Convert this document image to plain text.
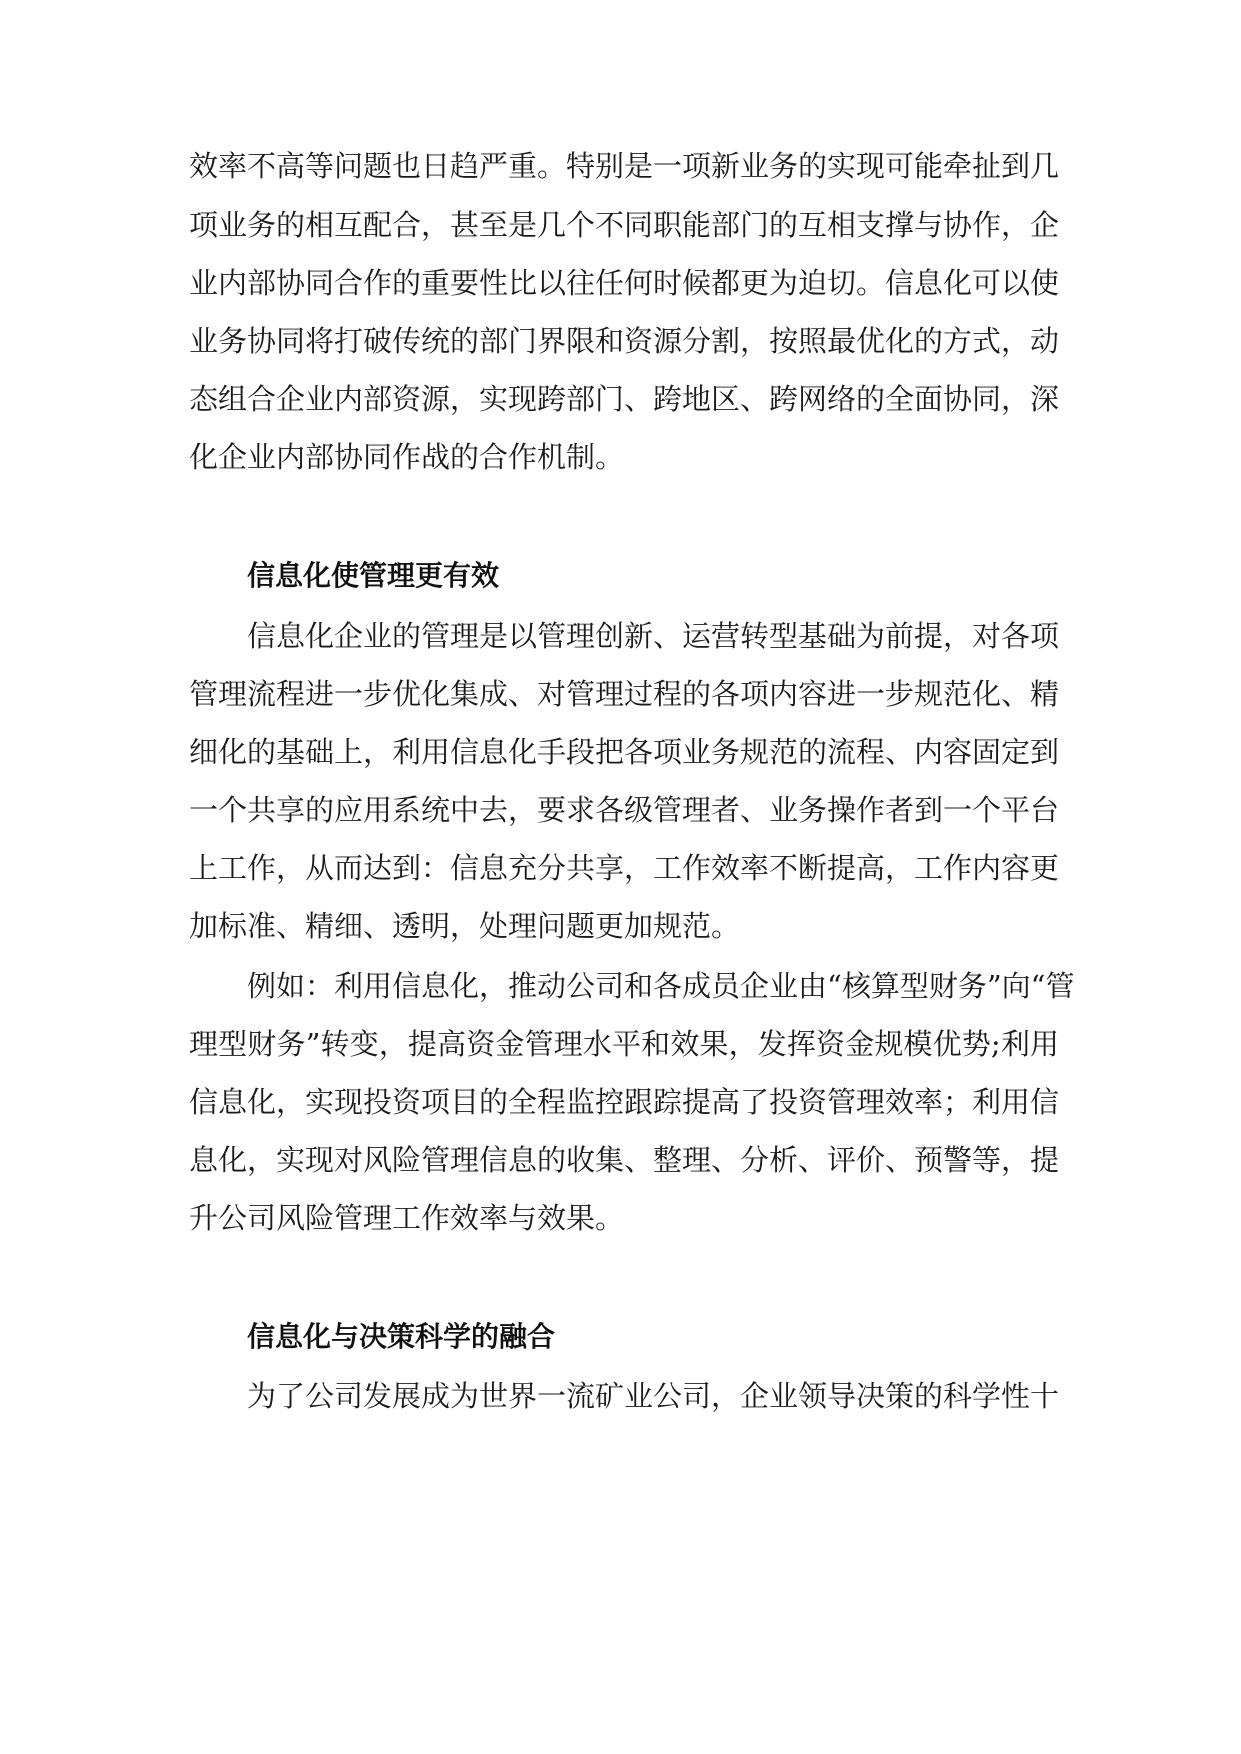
效率不高等问题也日趋严重。特别是一项新业务的实现可能牵扯到几

项业务的相互配合，甚至是几个不同职能部门的互相支撑与协作，企

业内部协同合作的重要性比以往任何时候都更为迫切。信息化可以使

业务协同将打破传统的部门界限和资源分割，按照最优化的方式，动

态组合企业内部资源，实现跨部门、跨地区、跨网络的全面协同，深

化企业内部协同作战的合作机制。

信息化使管理更有效

信息化企业的管理是以管理创新、运营转型基础为前提，对各项

管理流程进一步优化集成、对管理过程的各项内容进一步规范化、精

细化的基础上，利用信息化手段把各项业务规范的流程、内容固定到

一个共享的应用系统中去，要求各级管理者、业务操作者到一个平台

上工作，从而达到：信息充分共享，工作效率不断提高，工作内容更

加标准、精细、透明，处理问题更加规范。

例如：利用信息化，推动公司和各成员企业由“核算型财务”向“管

理型财务”转变，提高资金管理水平和效果，发挥资金规模优势;利用

信息化，实现投资项目的全程监控跟踪提高了投资管理效率；利用信

息化，实现对风险管理信息的收集、整理、分析、评价、预警等，提

升公司风险管理工作效率与效果。

信息化与决策科学的融合

为了公司发展成为世界一流矿业公司，企业领导决策的科学性十
